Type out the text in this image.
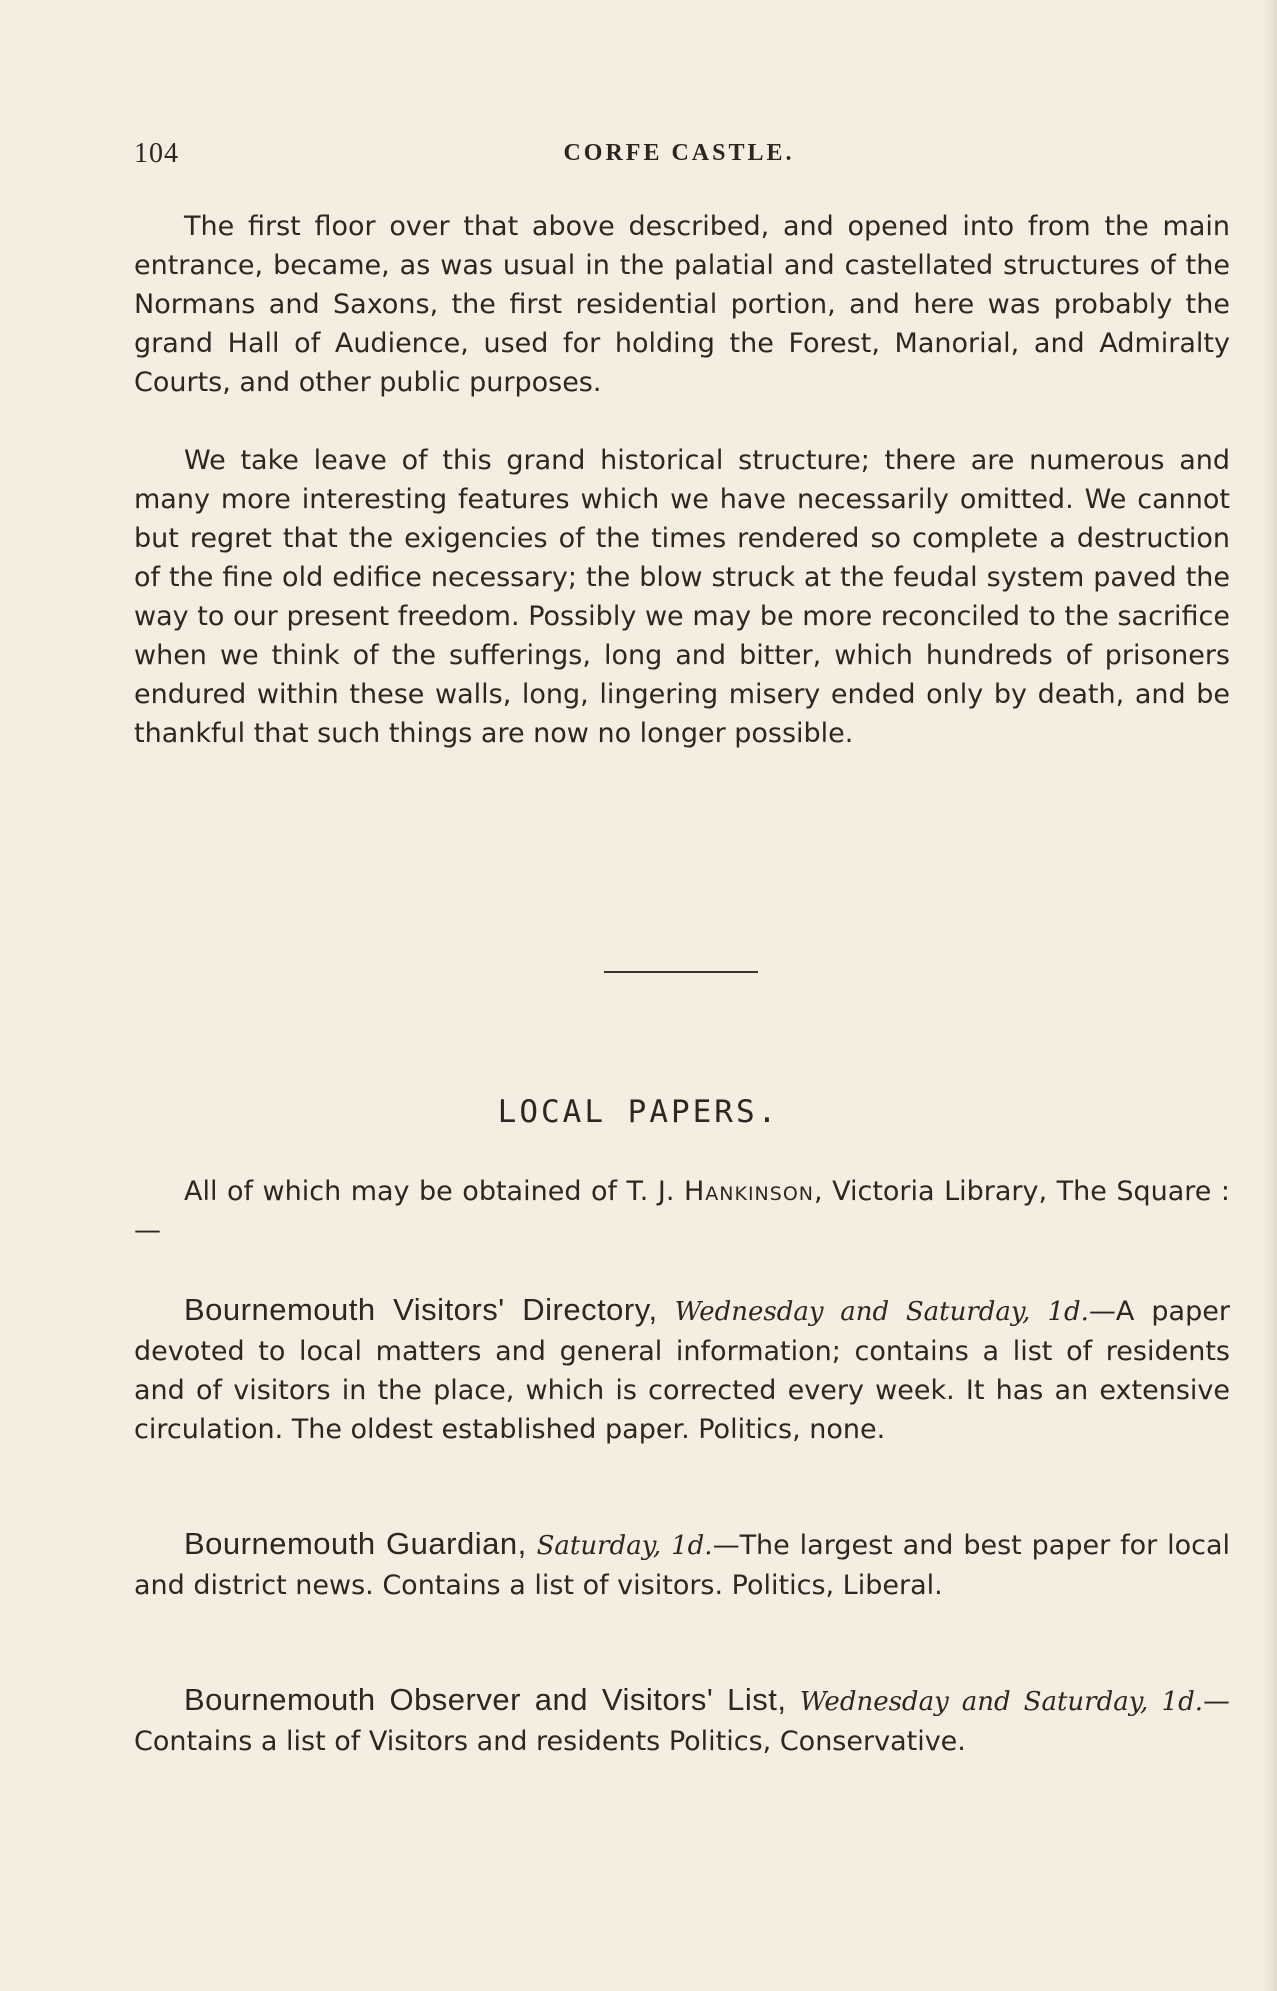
104	CORFE CASTLE.

The first floor over that above described, and opened into from the main entrance, became, as was usual in the palatial and castellated structures of the Normans and Saxons, the first residential portion, and here was probably the grand Hall of Audience, used for holding the Forest, Manorial, and Admiralty Courts, and other public purposes.

We take leave of this grand historical structure; there are numerous and many more interesting features which we have necessarily omitted. We cannot but regret that the exigencies of the times rendered so complete a destruction of the fine old edifice necessary; the blow struck at the feudal system paved the way to our present freedom. Possibly we may be more reconciled to the sacrifice when we think of the sufferings, long and bitter, which hundreds of prisoners endured within these walls, long, lingering misery ended only by death, and be thankful that such things are now no longer possible.

LOCAL PAPERS.

All of which may be obtained of T. J. Hankinson, Victoria Library, The Square :—

Bournemouth Visitors' Directory, Wednesday and Saturday, 1d.—A paper devoted to local matters and general information; contains a list of residents and of visitors in the place, which is corrected every week. It has an extensive circulation. The oldest established paper. Politics, none.

Bournemouth Guardian, Saturday, 1d.—The largest and best paper for local and district news. Contains a list of visitors. Politics, Liberal.

Bournemouth Observer and Visitors' List, Wednesday and Saturday, 1d.—Contains a list of Visitors and residents Politics, Conservative.
